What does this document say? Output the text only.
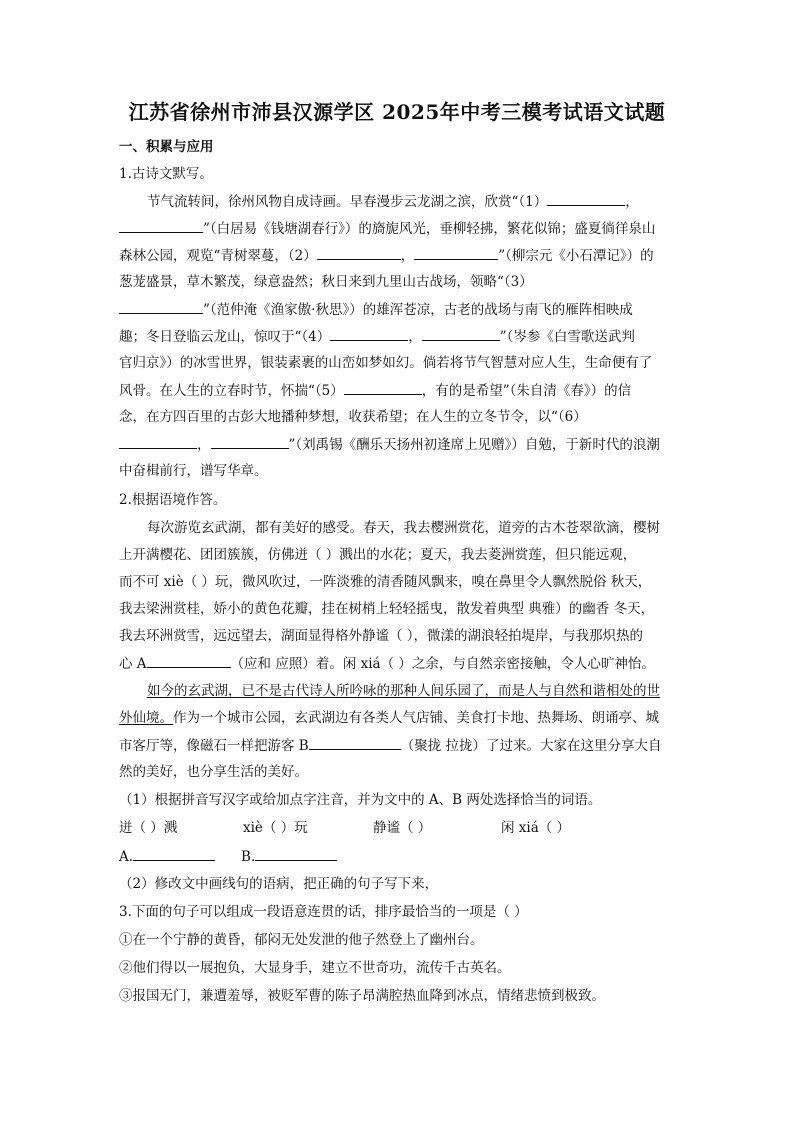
江苏省徐州市沛县汉源学区 2025年中考三模考试语文试题
一、积累与应用
1.古诗文默写。
节气流转间，徐州风物自成诗画。早春漫步云龙湖之滨，欣赏“（1）	，
”（白居易《钱塘湖春行》）的旖旎风光，垂柳轻拂，繁花似锦；盛夏徜徉泉山
森林公园，观览“青树翠蔓，（2）	，	”（柳宗元《小石潭记》）的
葱茏盛景，草木繁茂，绿意盎然；秋日来到九里山古战场，领略“（3）
”（范仲淹《渔家傲·秋思》）的雄浑苍凉，古老的战场与南飞的雁阵相映成
趣；冬日登临云龙山，惊叹于“（4）	，	”（岑参《白雪歌送武判
官归京》）的冰雪世界，银装素裹的山峦如梦如幻。倘若将节气智慧对应人生，生命便有了
风骨。在人生的立春时节，怀揣“（5）	，有的是希望”（朱自清《春》）的信
念，在方四百里的古彭大地播种梦想，收获希望；在人生的立冬节令，以“（6）
，	”（刘禹锡《酬乐天扬州初逢席上见赠》）自勉，于新时代的浪潮
中奋楫前行，谱写华章。
2.根据语境作答。
每次游览玄武湖，都有美好的感受。春天，我去樱洲赏花，道旁的古木苍翠欲滴，樱树
上开满樱花、团团簇簇，仿佛迸（ ）溅出的水花；夏天，我去菱洲赏莲，但只能远观，
而不可 xiè（ ）玩，微风吹过，一阵淡雅的清香随风飘来，嗅在鼻里令人飘然脱俗 秋天，
我去梁洲赏桂，娇小的黄色花瓣，挂在树梢上轻轻摇曳，散发着典型 典雅）的幽香 冬天，
我去环洲赏雪，远远望去，湖面显得格外静谧（ ），微漾的湖浪轻拍堤岸，与我那炽热的
心 A	（应和 应照）着。闲 xiá（ ）之余，与自然亲密接触，令人心旷神怡。
如今的玄武湖，已不是古代诗人所吟咏的那种人间乐园了，而是人与自然和谐相处的世
外仙境。作为一个城市公园，玄武湖边有各类人气店铺、美食打卡地、热舞场、朗诵亭、城
市客厅等，像磁石一样把游客 B	（聚拢 拉拢）了过来。大家在这里分享大自
然的美好，也分享生活的美好。
（1）根据拼音写汉字或给加点字注音，并为文中的 A、B 两处选择恰当的词语。
迸（ ）溅	xiè（ ）玩	静谧（ ）	闲 xiá（ ）
A.	B.
（2）修改文中画线句的语病，把正确的句子写下来，
3.下面的句子可以组成一段语意连贯的话，排序最恰当的一项是（ ）
①在一个宁静的黄昏，郁闷无处发泄的他子然登上了幽州台。
②他们得以一展抱负，大显身手，建立不世奇功，流传千古英名。
③报国无门，兼遭羞辱，被贬军曹的陈子昂满腔热血降到冰点，情绪悲愤到极致。
